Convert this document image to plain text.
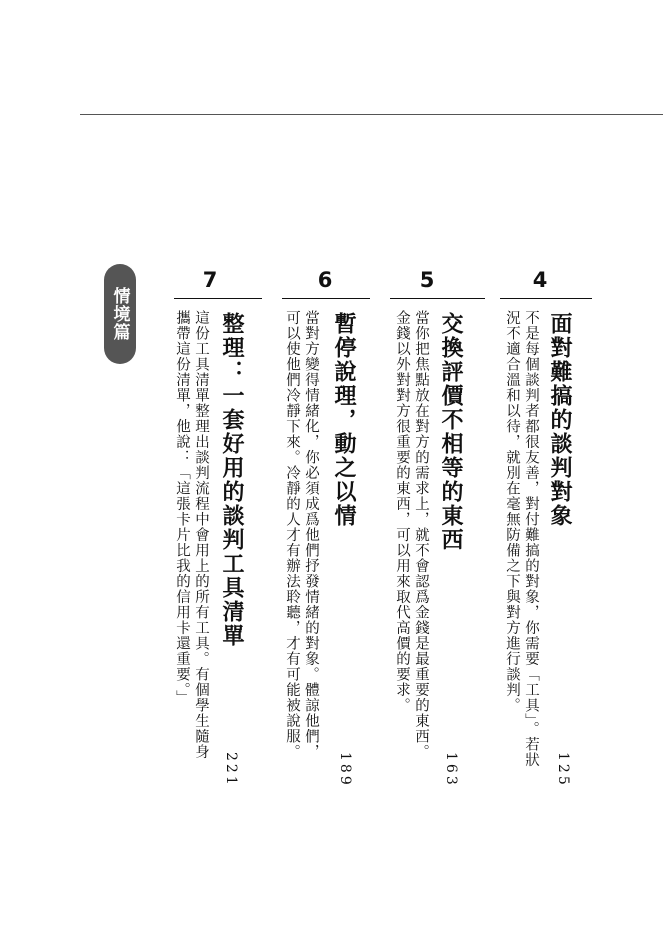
情境篇
4
面對難搞的談判對象
不是每個談判者都很友善，對付難搞的對象，你需要「工具」。若狀況不適合溫和以待，就別在毫無防備之下與對方進行談判。
125
5
交換評價不相等的東西
當你把焦點放在對方的需求上，就不會認爲金錢是最重要的東西。金錢以外對對方很重要的東西，可以用來取代高價的要求。
163
6
暫停說理，動之以情
當對方變得情緒化，你必須成爲他們抒發情緒的對象。體諒他們，可以使他們冷靜下來。冷靜的人才有辦法聆聽，才有可能被說服。
189
7
整理：一套好用的談判工具清單
這份工具清單整理出談判流程中會用上的所有工具。有個學生隨身攜帶這份清單，他說：「這張卡片比我的信用卡還重要。」
221
